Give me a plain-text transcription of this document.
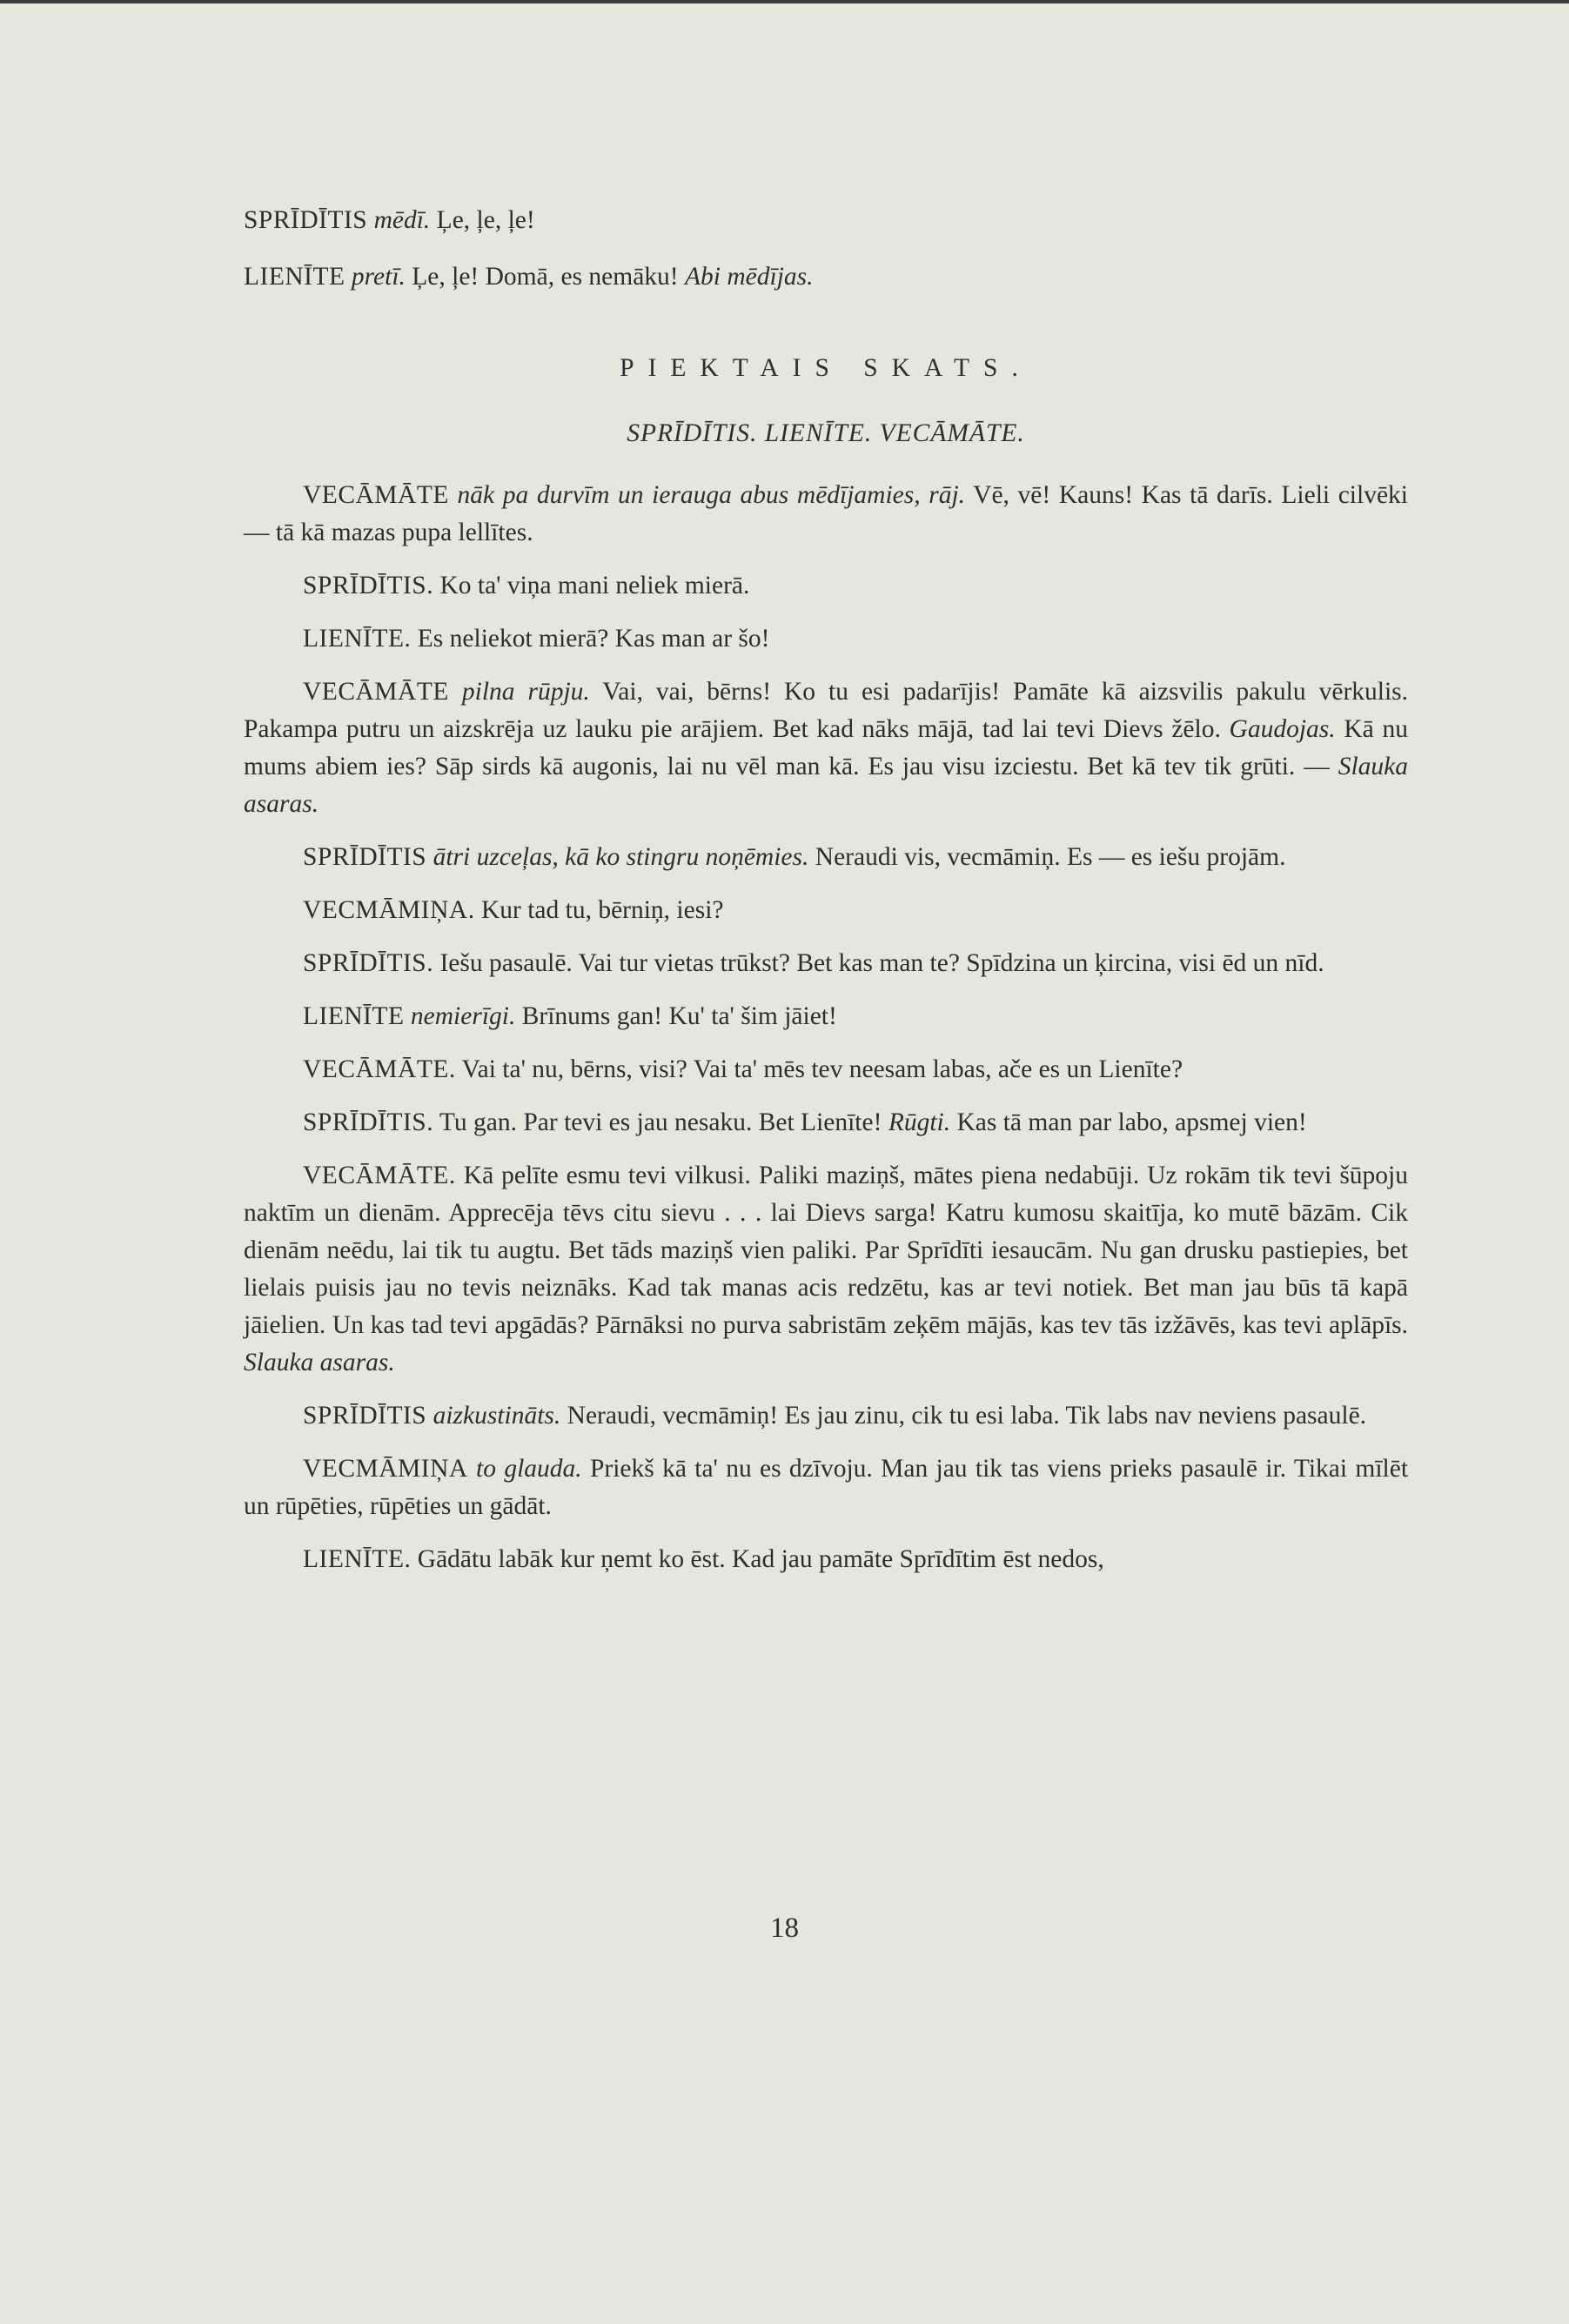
SPRĪDĪTIS mēdī. Ļe, ļe, ļe!

LIENĪTE pretī. Ļe, ļe! Domā, es nemāku! Abi mēdījas.

PIEKTAIS SKATS.

SPRĪDĪTIS. LIENĪTE. VECĀMĀTE.

VECĀMĀTE nāk pa durvīm un ierauga abus mēdījamies, rāj. Vē, vē! Kauns! Kas tā darīs. Lieli cilvēki — tā kā mazas pupa lellītes.

SPRĪDĪTIS. Ko ta' viņa mani neliek mierā.

LIENĪTE. Es neliekot mierā? Kas man ar šo!

VECĀMĀTE pilna rūpju. Vai, vai, bērns! Ko tu esi padarījis! Pamāte kā aizsvilis pakulu vērkulis. Pakampa putru un aizskrēja uz lauku pie arājiem. Bet kad nāks mājā, tad lai tevi Dievs žēlo. Gaudojas. Kā nu mums abiem ies? Sāp sirds kā augonis, lai nu vēl man kā. Es jau visu izciestu. Bet kā tev tik grūti. — Slauka asaras.

SPRĪDĪTIS ātri uzceļas, kā ko stingru noņēmies. Neraudi vis, vecmāmiņ. Es — es iešu projām.

VECMĀMIŅA. Kur tad tu, bērniņ, iesi?

SPRĪDĪTIS. Iešu pasaulē. Vai tur vietas trūkst? Bet kas man te? Spīdzina un ķircina, visi ēd un nīd.

LIENĪTE nemierīgi. Brīnums gan! Ku' ta' šim jāiet!

VECĀMĀTE. Vai ta' nu, bērns, visi? Vai ta' mēs tev neesam labas, ače es un Lienīte?

SPRĪDĪTIS. Tu gan. Par tevi es jau nesaku. Bet Lienīte! Rūgti. Kas tā man par labo, apsmej vien!

VECĀMĀTE. Kā pelīte esmu tevi vilkusi. Paliki maziņš, mātes piena nedabūji. Uz rokām tik tevi šūpoju naktīm un dienām. Apprecēja tēvs citu sievu . . . lai Dievs sarga! Katru kumosu skaitīja, ko mutē bāzām. Cik dienām neēdu, lai tik tu augtu. Bet tāds maziņš vien paliki. Par Sprīdīti iesaucām. Nu gan drusku pastiepies, bet lielais puisis jau no tevis neiznāks. Kad tak manas acis redzētu, kas ar tevi notiek. Bet man jau būs tā kapā jāielien. Un kas tad tevi apgādās? Pārnāksi no purva sabristām zeķēm mājās, kas tev tās izžāvēs, kas tevi aplāpīs. Slauka asaras.

SPRĪDĪTIS aizkustināts. Neraudi, vecmāmiņ! Es jau zinu, cik tu esi laba. Tik labs nav neviens pasaulē.

VECMĀMIŅA to glauda. Priekš kā ta' nu es dzīvoju. Man jau tik tas viens prieks pasaulē ir. Tikai mīlēt un rūpēties, rūpēties un gādāt.

LIENĪTE. Gādātu labāk kur ņemt ko ēst. Kad jau pamāte Sprīdītim ēst nedos,

18
